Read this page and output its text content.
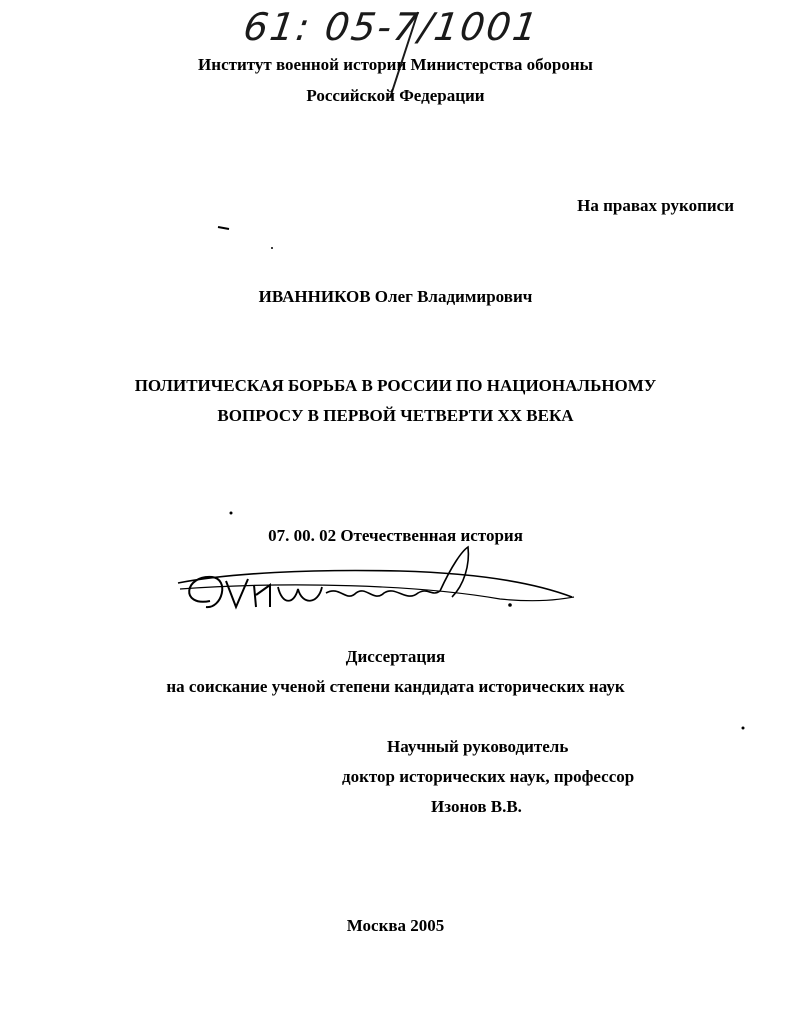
61: 05-7/1001
Институт военной истории Министерства обороны
Российской Федерации
На правах рукописи
ИВАННИКОВ Олег Владимирович
ПОЛИТИЧЕСКАЯ БОРЬБА В РОССИИ ПО НАЦИОНАЛЬНОМУ
ВОПРОСУ В ПЕРВОЙ ЧЕТВЕРТИ XX ВЕКА
07. 00. 02 Отечественная история
Диссертация
на соискание ученой степени кандидата исторических наук
Научный руководитель
доктор исторических наук, профессор
Изонов В.В.
Москва 2005
